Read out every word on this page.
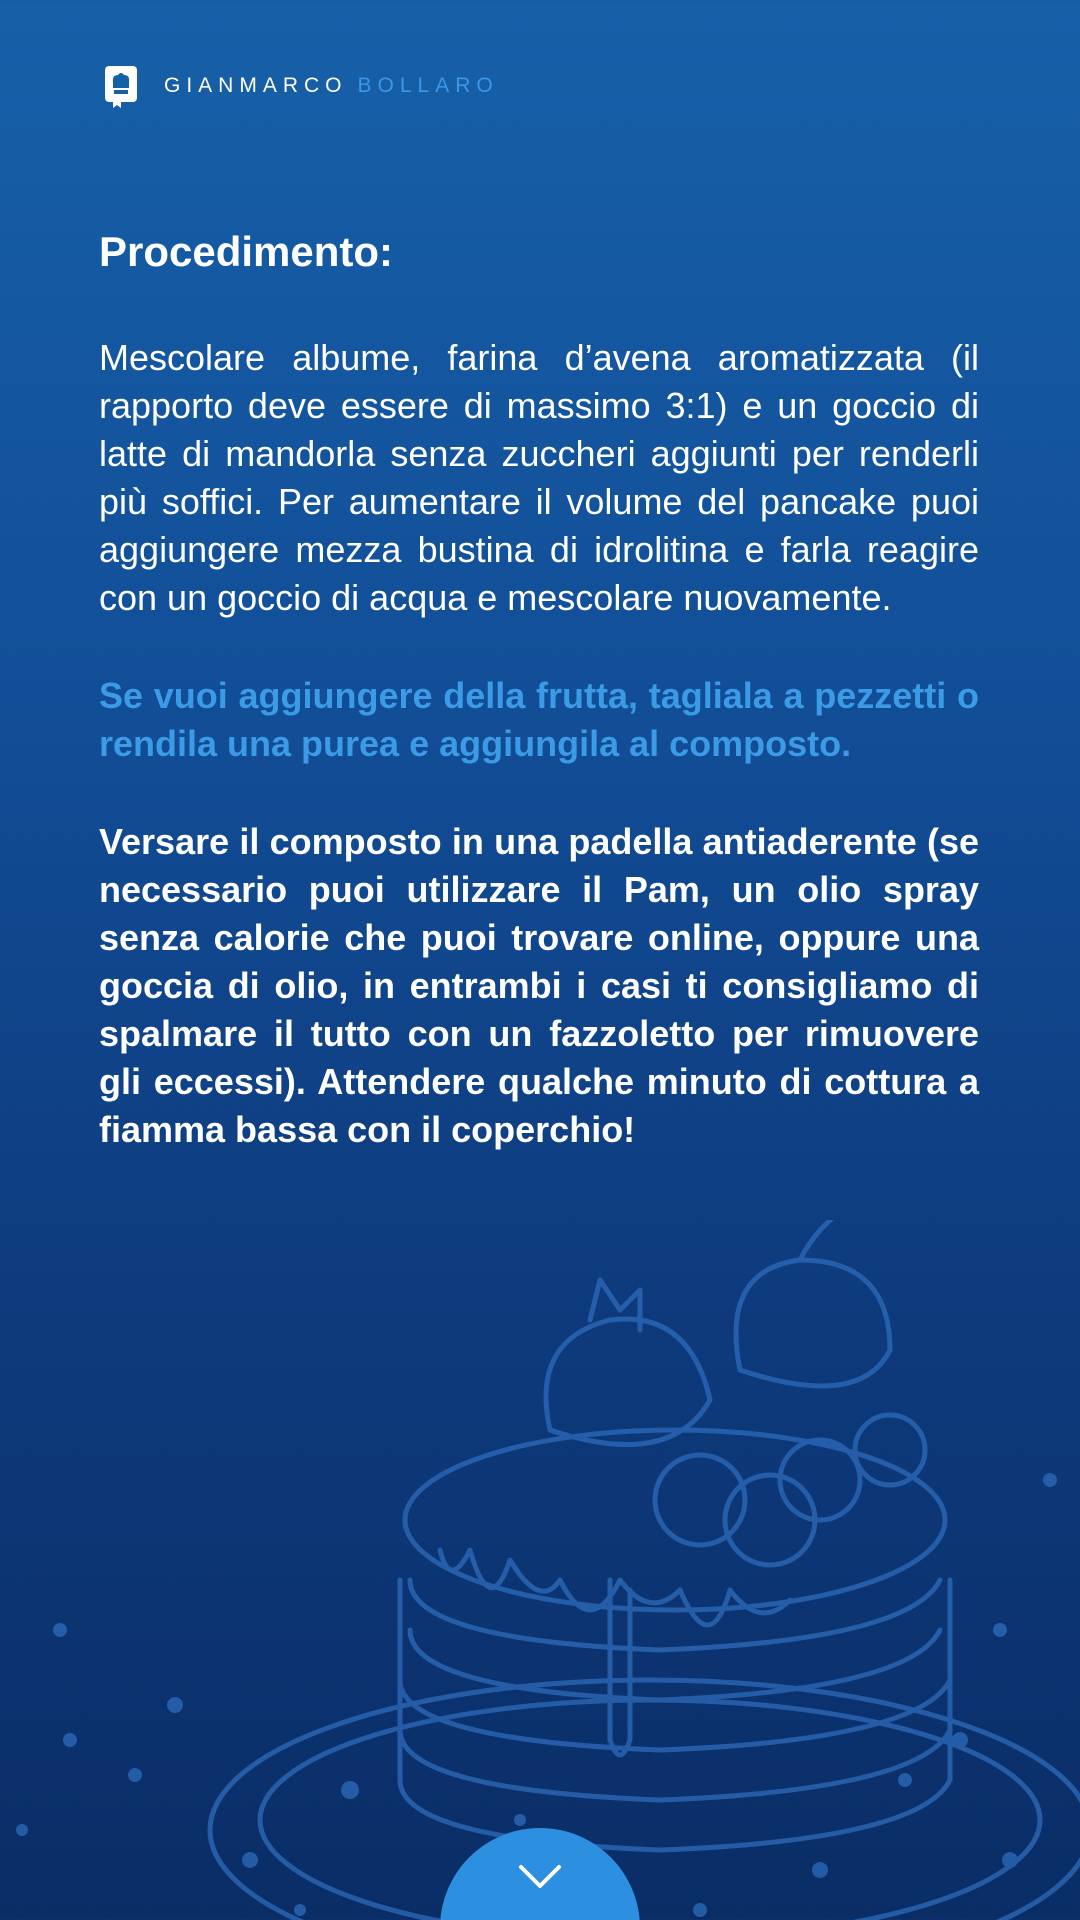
GIANMARCO BOLLARO
Procedimento:

Mescolare albume, farina d’avena aromatizzata (il rapporto deve essere di massimo 3:1) e un goccio di latte di mandorla senza zuccheri aggiunti per renderli più soffici. Per aumentare il volume del pancake puoi aggiungere mezza bustina di idrolitina e farla reagire con un goccio di acqua e mescolare nuovamente.

Se vuoi aggiungere della frutta, tagliala a pezzetti o rendila una purea e aggiungila al composto.

Versare il composto in una padella antiaderente (se necessario puoi utilizzare il Pam, un olio spray senza calorie che puoi trovare online, oppure una goccia di olio, in entrambi i casi ti consigliamo di spalmare il tutto con un fazzoletto per rimuovere gli eccessi). Attendere qualche minuto di cottura a fiamma bassa con il coperchio!
